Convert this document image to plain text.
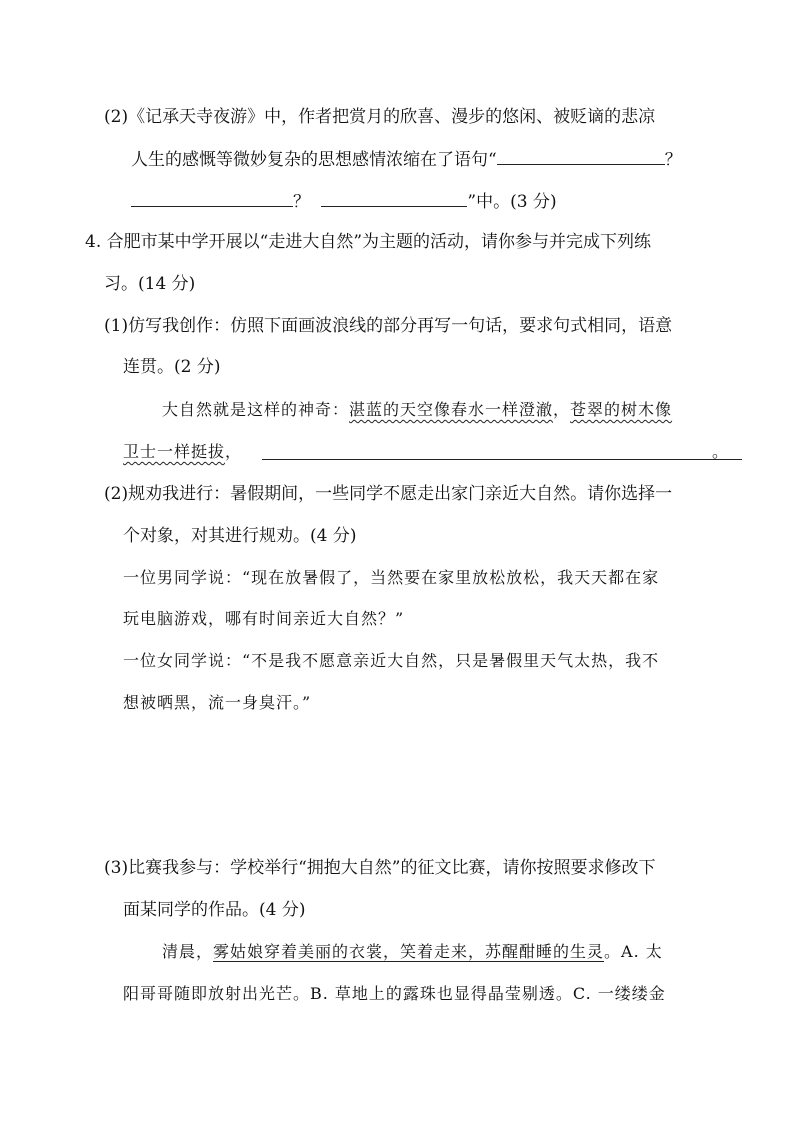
(2)《记承天寺夜游》中，作者把赏月的欣喜、漫步的悠闲、被贬谪的悲凉
人生的感慨等微妙复杂的思想感情浓缩在了语句“	？
？	”中。(3 分)
4. 合肥市某中学开展以“走进大自然”为主题的活动，请你参与并完成下列练
习。(14 分)
(1)仿写我创作：仿照下面画波浪线的部分再写一句话，要求句式相同，语意
连贯。(2 分)
大自然就是这样的神奇：湛蓝的天空像春水一样澄澈，苍翠的树木像
卫士一样挺拔，	。
(2)规劝我进行：暑假期间，一些同学不愿走出家门亲近大自然。请你选择一
个对象，对其进行规劝。(4 分)
一位男同学说：“现在放暑假了，当然要在家里放松放松，我天天都在家
玩电脑游戏，哪有时间亲近大自然？”
一位女同学说：“不是我不愿意亲近大自然，只是暑假里天气太热，我不
想被晒黑，流一身臭汗。”
(3)比赛我参与：学校举行“拥抱大自然”的征文比赛，请你按照要求修改下
面某同学的作品。(4 分)
清晨，雾姑娘穿着美丽的衣裳，笑着走来，苏醒酣睡的生灵。A. 太
阳哥哥随即放射出光芒。B. 草地上的露珠也显得晶莹剔透。C. 一缕缕金
